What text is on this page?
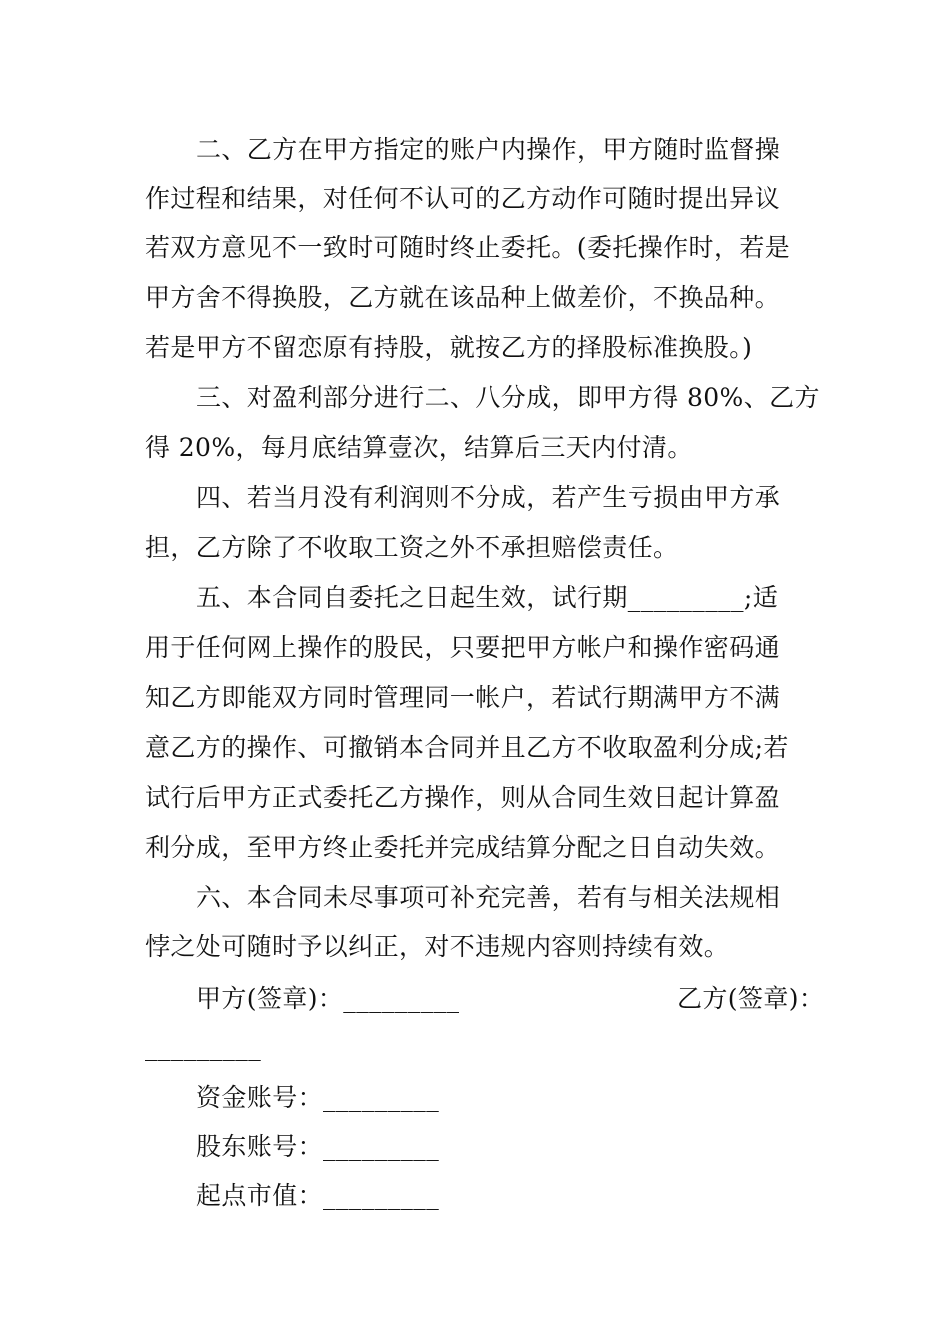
二、乙方在甲方指定的账户内操作，甲方随时监督操
作过程和结果，对任何不认可的乙方动作可随时提出异议
若双方意见不一致时可随时终止委托。(委托操作时，若是
甲方舍不得换股，乙方就在该品种上做差价，不换品种。
若是甲方不留恋原有持股，就按乙方的择股标准换股。)
三、对盈利部分进行二、八分成，即甲方得 80%、乙方
得 20%，每月底结算壹次，结算后三天内付清。
四、若当月没有利润则不分成，若产生亏损由甲方承
担，乙方除了不收取工资之外不承担赔偿责任。
五、本合同自委托之日起生效，试行期_________;适
用于任何网上操作的股民，只要把甲方帐户和操作密码通
知乙方即能双方同时管理同一帐户，若试行期满甲方不满
意乙方的操作、可撤销本合同并且乙方不收取盈利分成;若
试行后甲方正式委托乙方操作，则从合同生效日起计算盈
利分成，至甲方终止委托并完成结算分配之日自动失效。
六、本合同未尽事项可补充完善，若有与相关法规相
悖之处可随时予以纠正，对不违规内容则持续有效。
甲方(签章)：_________	乙方(签章)：
_________
资金账号：_________
股东账号：_________
起点市值：_________
